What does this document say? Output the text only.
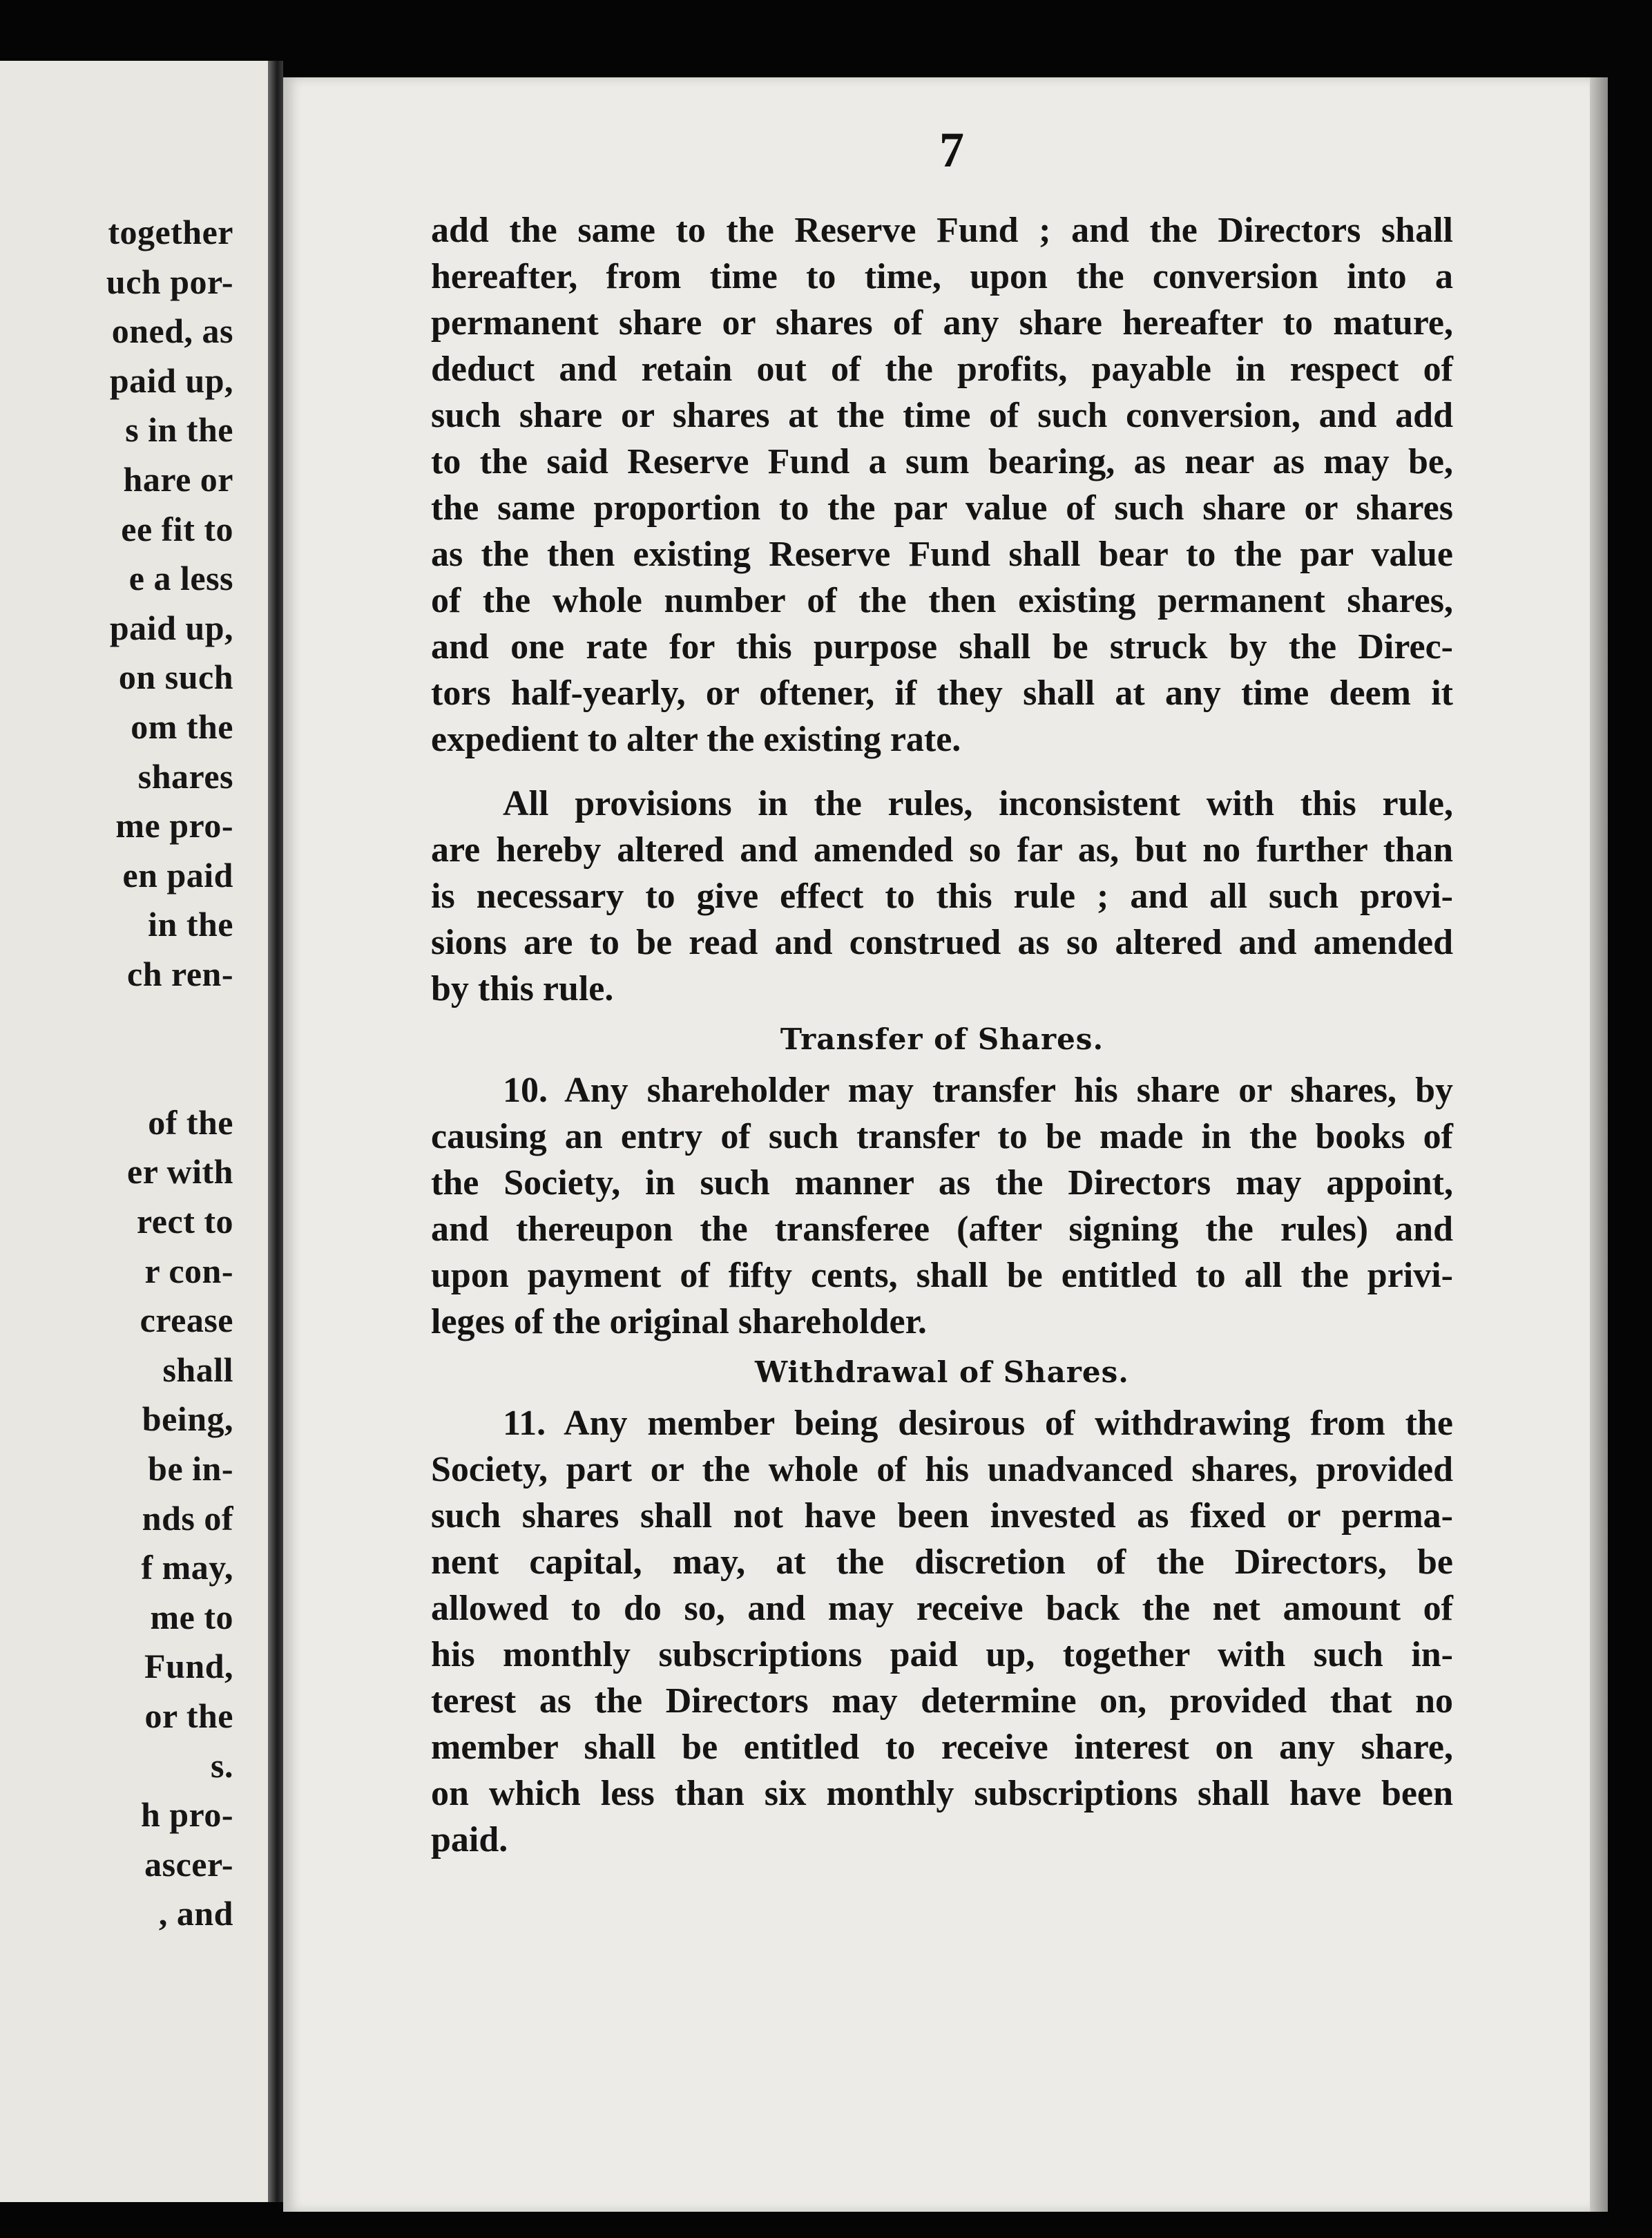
together

uch por-

oned, as

paid up,

s in the

hare or

ee fit to

e a less

paid up,

on such

om the

shares

me pro-

en paid

in the

ch ren-

of the

er with

rect to

r con-

crease

shall

being,

be in-

nds of

f may,

me to

Fund,

or the

s.

h pro-

ascer-

, and

7
add the same to the Reserve Fund ; and the Directors shall
hereafter, from time to time, upon the conversion into a
permanent share or shares of any share hereafter to mature,
deduct and retain out of the profits, payable in respect of
such share or shares at the time of such conversion, and add
to the said Reserve Fund a sum bearing, as near as may be,
the same proportion to the par value of such share or shares
as the then existing Reserve Fund shall bear to the par value
of the whole number of the then existing permanent shares,
and one rate for this purpose shall be struck by the Direc-
tors half-yearly, or oftener, if they shall at any time deem it
expedient to alter the existing rate.
All provisions in the rules, inconsistent with this rule,
are hereby altered and amended so far as, but no further than
is necessary to give effect to this rule ; and all such provi-
sions are to be read and construed as so altered and amended
by this rule.
Transfer of Shares.
10. Any shareholder may transfer his share or shares, by
causing an entry of such transfer to be made in the books of
the Society, in such manner as the Directors may appoint,
and thereupon the transferee (after signing the rules) and
upon payment of fifty cents, shall be entitled to all the privi-
leges of the original shareholder.
Withdrawal of Shares.
11. Any member being desirous of withdrawing from the
Society, part or the whole of his unadvanced shares, provided
such shares shall not have been invested as fixed or perma-
nent capital, may, at the discretion of the Directors, be
allowed to do so, and may receive back the net amount of
his monthly subscriptions paid up, together with such in-
terest as the Directors may determine on, provided that no
member shall be entitled to receive interest on any share,
on which less than six monthly subscriptions shall have been
paid.
